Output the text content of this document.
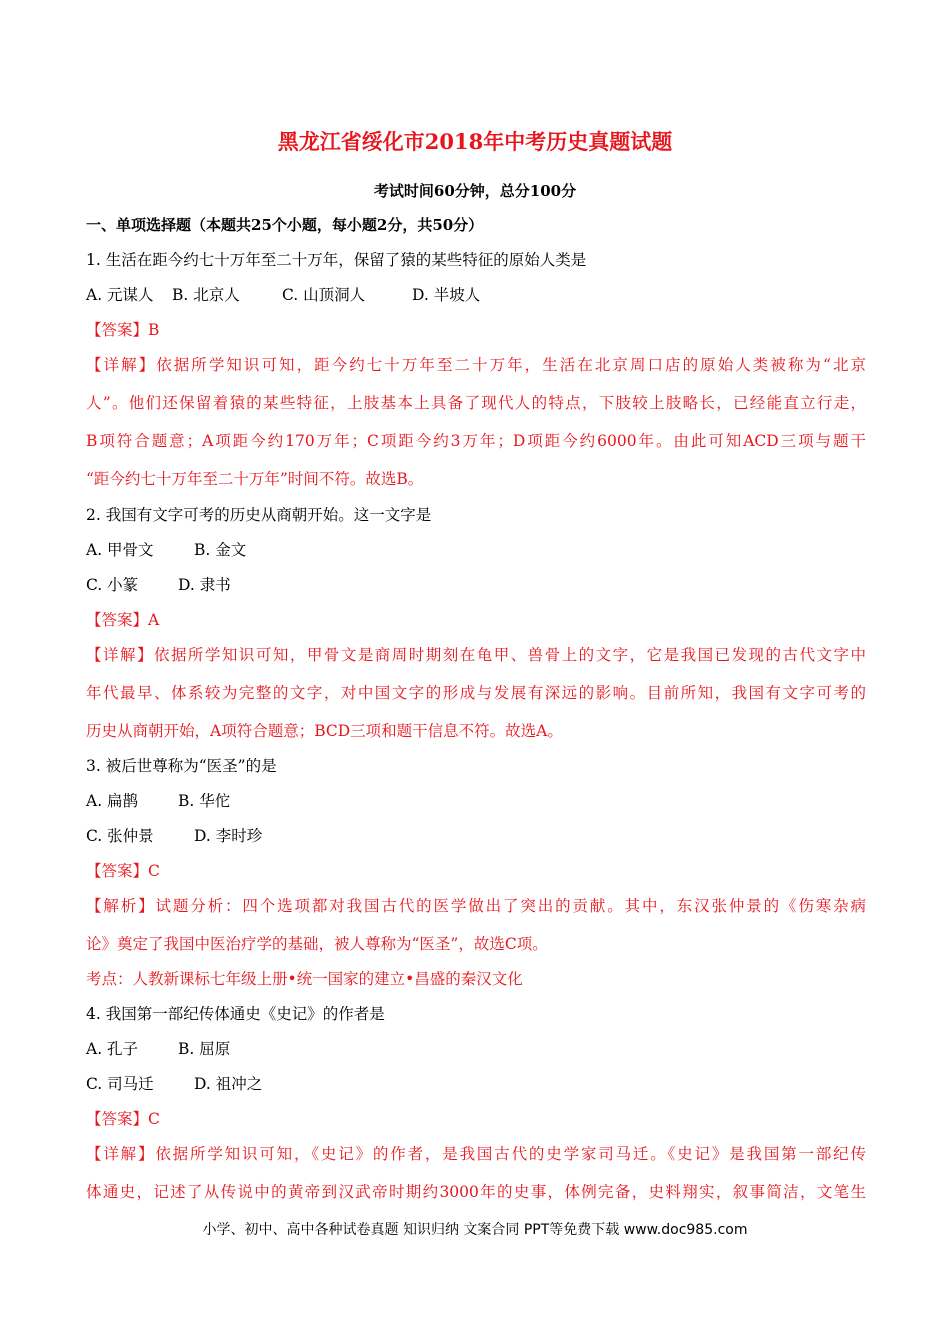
黑龙江省绥化市2018年中考历史真题试题
考试时间60分钟，总分100分
一、单项选择题（本题共25个小题，每小题2分，共50分）
1. 生活在距今约七十万年至二十万年，保留了猿的某些特征的原始人类是
A. 元谋人 B. 北京人	C. 山顶洞人	D. 半坡人
【答案】B
【详解】依据所学知识可知，距今约七十万年至二十万年，生活在北京周口店的原始人类被称为“北京
人”。他们还保留着猿的某些特征，上肢基本上具备了现代人的特点，下肢较上肢略长，已经能直立行走，
B项符合题意；A项距今约170万年；C项距今约3万年；D项距今约6000年。由此可知ACD三项与题干
“距今约七十万年至二十万年”时间不符。故选B。
2. 我国有文字可考的历史从商朝开始。这一文字是
A. 甲骨文	B. 金文
C. 小篆	D. 隶书
【答案】A
【详解】依据所学知识可知，甲骨文是商周时期刻在龟甲、兽骨上的文字，它是我国已发现的古代文字中
年代最早、体系较为完整的文字，对中国文字的形成与发展有深远的影响。目前所知，我国有文字可考的
历史从商朝开始，A项符合题意；BCD三项和题干信息不符。故选A。
3. 被后世尊称为“医圣”的是
A. 扁鹊	B. 华佗
C. 张仲景	D. 李时珍
【答案】C
【解析】试题分析：四个选项都对我国古代的医学做出了突出的贡献。其中，东汉张仲景的《伤寒杂病
论》奠定了我国中医治疗学的基础，被人尊称为“医圣”，故选C项。
考点：人教新课标七年级上册•统一国家的建立•昌盛的秦汉文化
4. 我国第一部纪传体通史《史记》的作者是
A. 孔子	B. 屈原
C. 司马迁	D. 祖冲之
【答案】C
【详解】依据所学知识可知，《史记》的作者，是我国古代的史学家司马迁。《史记》是我国第一部纪传
体通史，记述了从传说中的黄帝到汉武帝时期约3000年的史事，体例完备，史料翔实，叙事简洁，文笔生
小学、初中、高中各种试卷真题 知识归纳 文案合同 PPT等免费下载 www.doc985.com
